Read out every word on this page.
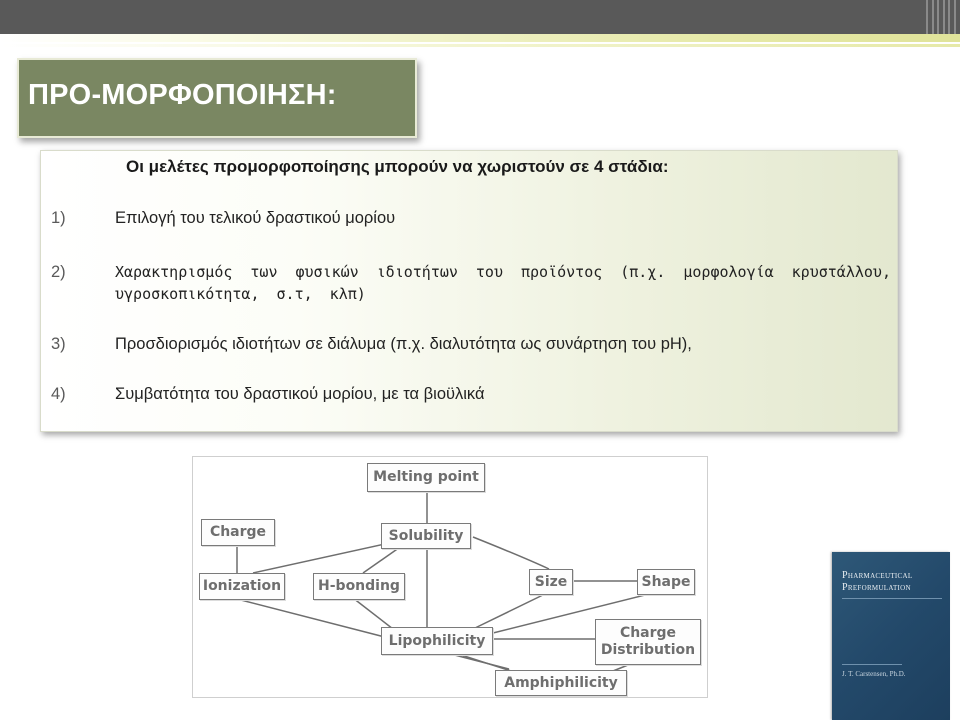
ΠΡΟ-ΜΟΡΦΟΠΟΙΗΣΗ:
Οι μελέτες προμορφοποίησης μπορούν να χωριστούν σε 4 στάδια:
1)	Επιλογή του τελικού δραστικού μορίου
2)	Χαρακτηρισμός των φυσικών ιδιοτήτων του προϊόντος (π.χ. μορφολογία κρυστάλλου, υγροσκοπικότητα, σ.τ, κλπ)
3)	Προσδιορισμός ιδιοτήτων σε διάλυμα (π.χ. διαλυτότητα ως συνάρτηση του pH),
4)	Συμβατότητα του δραστικού μορίου, με τα βιοϋλικά
Melting point
Charge	Solubility
Ionization	H-bonding	Size	Shape
Lipophilicity	Charge
Distribution
Amphiphilicity
Pharmaceutical Preformulation
J. T. Carstensen, Ph.D.
